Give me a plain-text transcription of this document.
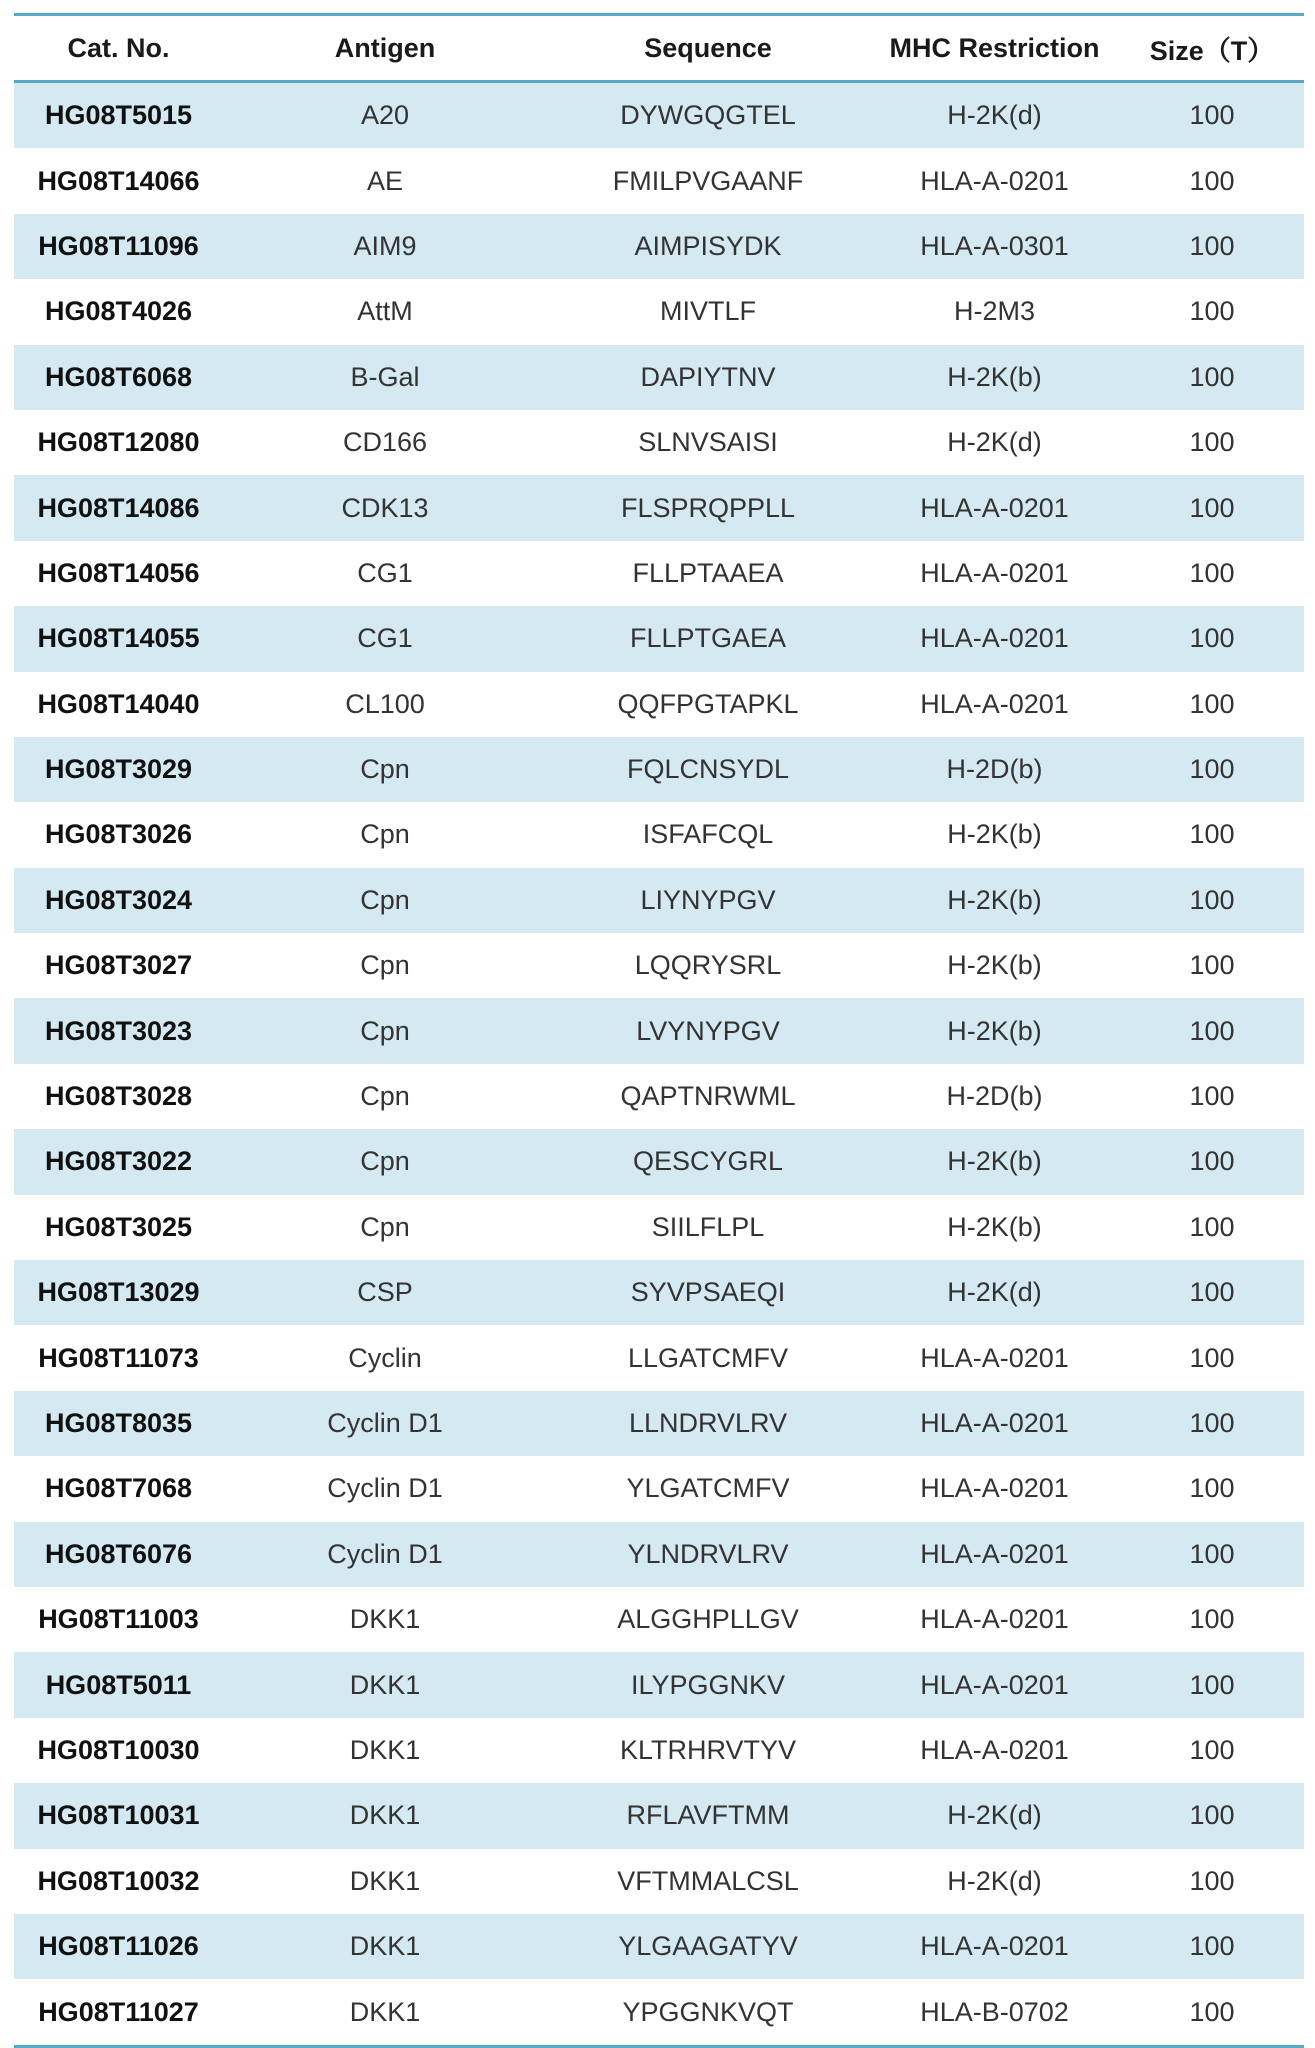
Cat. No.	Antigen	Sequence	MHC Restriction	Size（T）
HG08T5015	A20	DYWGQGTEL	H-2K(d)	100
HG08T14066	AE	FMILPVGAANF	HLA-A-0201	100
HG08T11096	AIM9	AIMPISYDK	HLA-A-0301	100
HG08T4026	AttM	MIVTLF	H-2M3	100
HG08T6068	B-Gal	DAPIYTNV	H-2K(b)	100
HG08T12080	CD166	SLNVSAISI	H-2K(d)	100
HG08T14086	CDK13	FLSPRQPPLL	HLA-A-0201	100
HG08T14056	CG1	FLLPTAAEA	HLA-A-0201	100
HG08T14055	CG1	FLLPTGAEA	HLA-A-0201	100
HG08T14040	CL100	QQFPGTAPKL	HLA-A-0201	100
HG08T3029	Cpn	FQLCNSYDL	H-2D(b)	100
HG08T3026	Cpn	ISFAFCQL	H-2K(b)	100
HG08T3024	Cpn	LIYNYPGV	H-2K(b)	100
HG08T3027	Cpn	LQQRYSRL	H-2K(b)	100
HG08T3023	Cpn	LVYNYPGV	H-2K(b)	100
HG08T3028	Cpn	QAPTNRWML	H-2D(b)	100
HG08T3022	Cpn	QESCYGRL	H-2K(b)	100
HG08T3025	Cpn	SIILFLPL	H-2K(b)	100
HG08T13029	CSP	SYVPSAEQI	H-2K(d)	100
HG08T11073	Cyclin	LLGATCMFV	HLA-A-0201	100
HG08T8035	Cyclin D1	LLNDRVLRV	HLA-A-0201	100
HG08T7068	Cyclin D1	YLGATCMFV	HLA-A-0201	100
HG08T6076	Cyclin D1	YLNDRVLRV	HLA-A-0201	100
HG08T11003	DKK1	ALGGHPLLGV	HLA-A-0201	100
HG08T5011	DKK1	ILYPGGNKV	HLA-A-0201	100
HG08T10030	DKK1	KLTRHRVTYV	HLA-A-0201	100
HG08T10031	DKK1	RFLAVFTMM	H-2K(d)	100
HG08T10032	DKK1	VFTMMALCSL	H-2K(d)	100
HG08T11026	DKK1	YLGAAGATYV	HLA-A-0201	100
HG08T11027	DKK1	YPGGNKVQT	HLA-B-0702	100
